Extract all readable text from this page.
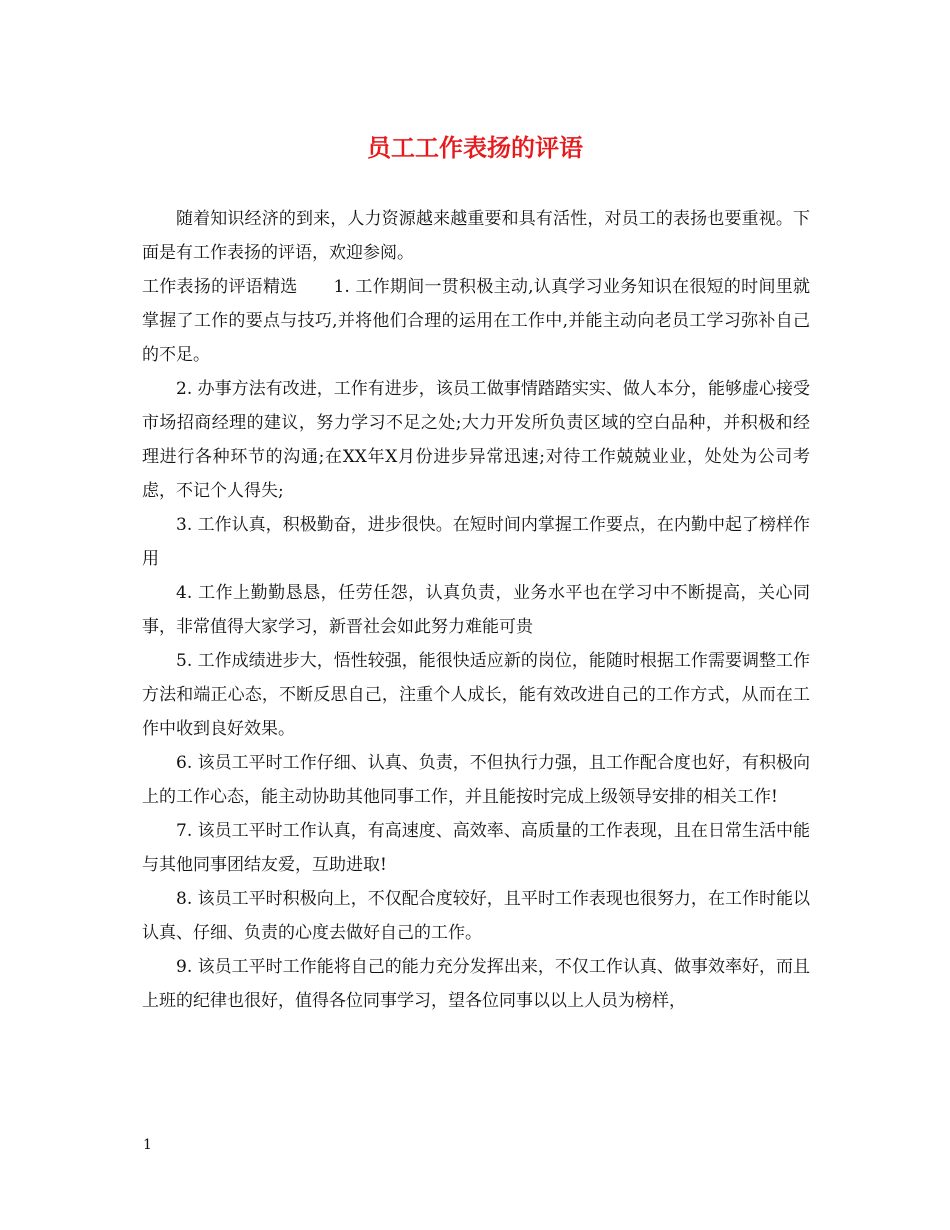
员工工作表扬的评语

随着知识经济的到来，人力资源越来越重要和具有活性，对员工的表扬也要重视。下面是有工作表扬的评语，欢迎参阅。

工作表扬的评语精选 1. 工作期间一贯积极主动,认真学习业务知识在很短的时间里就掌握了工作的要点与技巧,并将他们合理的运用在工作中,并能主动向老员工学习弥补自己的不足。

2. 办事方法有改进，工作有进步，该员工做事情踏踏实实、做人本分，能够虚心接受市场招商经理的建议，努力学习不足之处;大力开发所负责区域的空白品种，并积极和经理进行各种环节的沟通;在XX年X月份进步异常迅速;对待工作兢兢业业，处处为公司考虑，不记个人得失;

3. 工作认真，积极勤奋，进步很快。在短时间内掌握工作要点，在内勤中起了榜样作用

4. 工作上勤勤恳恳，任劳任怨，认真负责，业务水平也在学习中不断提高，关心同事，非常值得大家学习，新晋社会如此努力难能可贵

5. 工作成绩进步大，悟性较强，能很快适应新的岗位，能随时根据工作需要调整工作方法和端正心态，不断反思自己，注重个人成长，能有效改进自己的工作方式，从而在工作中收到良好效果。

6. 该员工平时工作仔细、认真、负责，不但执行力强，且工作配合度也好，有积极向上的工作心态，能主动协助其他同事工作，并且能按时完成上级领导安排的相关工作!

7. 该员工平时工作认真，有高速度、高效率、高质量的工作表现，且在日常生活中能与其他同事团结友爱，互助进取!

8. 该员工平时积极向上，不仅配合度较好，且平时工作表现也很努力，在工作时能以认真、仔细、负责的心度去做好自己的工作。

9. 该员工平时工作能将自己的能力充分发挥出来，不仅工作认真、做事效率好，而且上班的纪律也很好，值得各位同事学习，望各位同事以以上人员为榜样，

1
